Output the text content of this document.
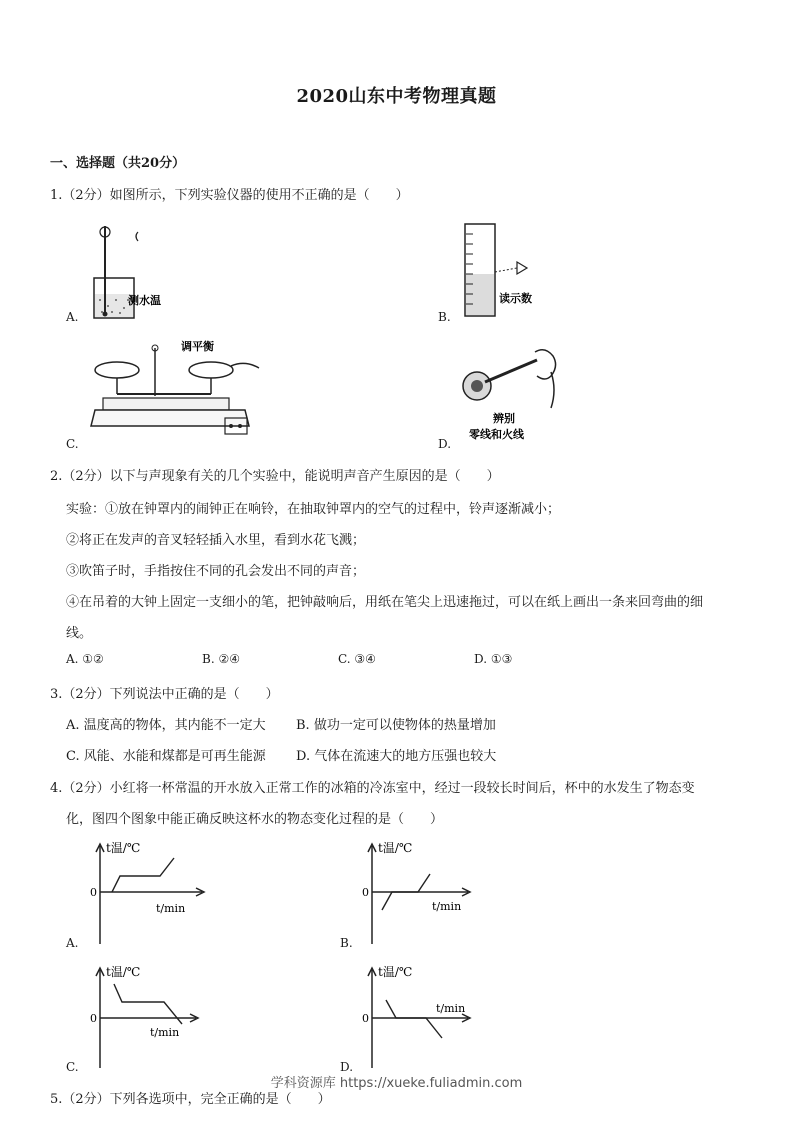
2020山东中考物理真题
一、选择题（共20分）
1.（2分）如图所示，下列实验仪器的使用不正确的是（　　）
测水温
A.
读示数
B.
调平衡
C.
辨别
零线和火线
D.
2.（2分）以下与声现象有关的几个实验中，能说明声音产生原因的是（　　）
实验：①放在钟罩内的闹钟正在响铃，在抽取钟罩内的空气的过程中，铃声逐渐减小；
②将正在发声的音叉轻轻插入水里，看到水花飞溅；
③吹笛子时，手指按住不同的孔会发出不同的声音；
④在吊着的大钟上固定一支细小的笔，把钟敲响后，用纸在笔尖上迅速拖过，可以在纸上画出一条来回弯曲的细
线。
A. ①②	B. ②④	C. ③④	D. ①③
3.（2分）下列说法中正确的是（　　）
A. 温度高的物体，其内能不一定大 B. 做功一定可以使物体的热量增加
C. 风能、水能和煤都是可再生能源 D. 气体在流速大的地方压强也较大
4.（2分）小红将一杯常温的开水放入正常工作的冰箱的冷冻室中，经过一段较长时间后，杯中的水发生了物态变
化，图四个图象中能正确反映这杯水的物态变化过程的是（　　）
t温/℃
0
t/min
A.
t温/℃
0
t/min
B.
t温/℃
0
t/min
C.
t温/℃
0
t/min
D.
5.（2分）下列各选项中，完全正确的是（　　）
学科资源库 https://xueke.fuliadmin.com
